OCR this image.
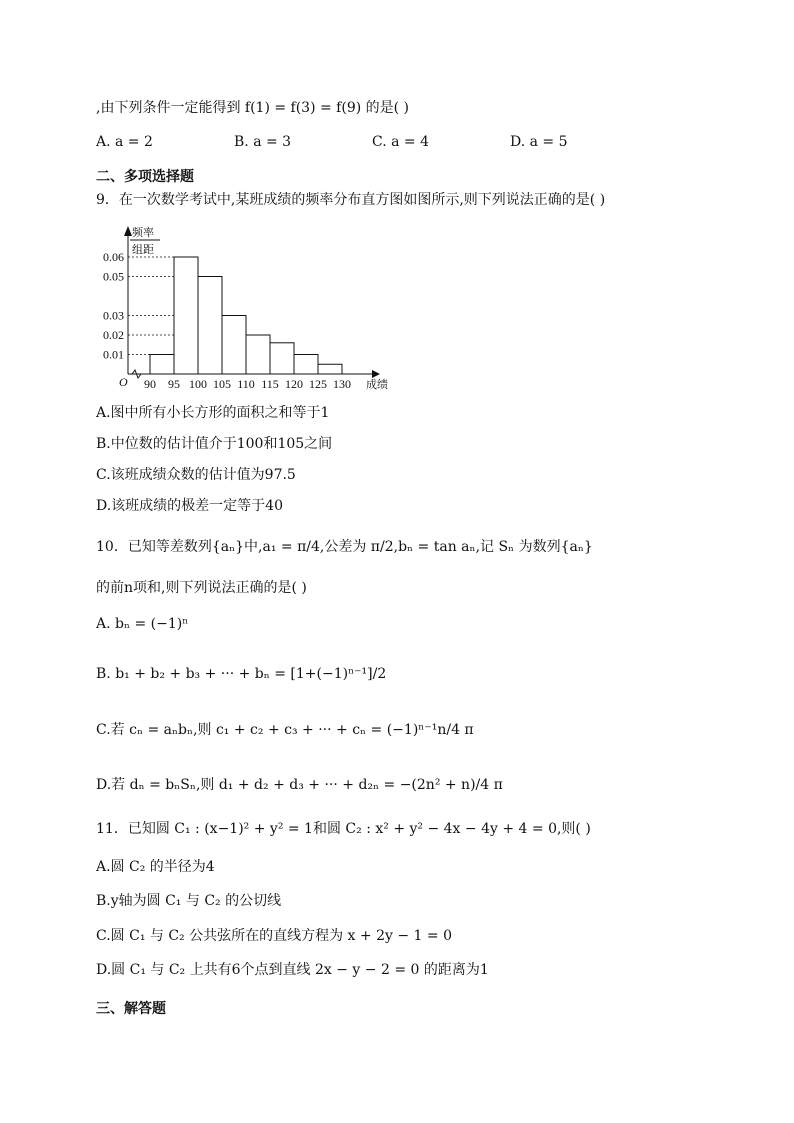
,由下列条件一定能得到 f(1) = f(3) = f(9) 的是( )
A. a = 2	B. a = 3	C. a = 4	D. a = 5
二、多项选择题
9．在一次数学考试中,某班成绩的频率分布直方图如图所示,则下列说法正确的是( )
频率
组距
O	成绩
0.01
0.02
0.03
0.05
0.06
90 95 100 105 110 115 120 125 130
A.图中所有小长方形的面积之和等于1
B.中位数的估计值介于100和105之间
C.该班成绩众数的估计值为97.5
D.该班成绩的极差一定等于40
10．已知等差数列{aₙ}中,a₁ = π/4,公差为 π/2,bₙ = tan aₙ,记 Sₙ 为数列{aₙ}
的前n项和,则下列说法正确的是( )
A. bₙ = (−1)ⁿ
B. b₁ + b₂ + b₃ + ··· + bₙ = [1+(−1)ⁿ⁻¹]/2
C.若 cₙ = aₙbₙ,则 c₁ + c₂ + c₃ + ··· + cₙ = (−1)ⁿ⁻¹n/4 π
D.若 dₙ = bₙSₙ,则 d₁ + d₂ + d₃ + ··· + d₂ₙ = −(2n² + n)/4 π
11．已知圆 C₁ : (x−1)² + y² = 1和圆 C₂ : x² + y² − 4x − 4y + 4 = 0,则( )
A.圆 C₂ 的半径为4
B.y轴为圆 C₁ 与 C₂ 的公切线
C.圆 C₁ 与 C₂ 公共弦所在的直线方程为 x + 2y − 1 = 0
D.圆 C₁ 与 C₂ 上共有6个点到直线 2x − y − 2 = 0 的距离为1
三、解答题
